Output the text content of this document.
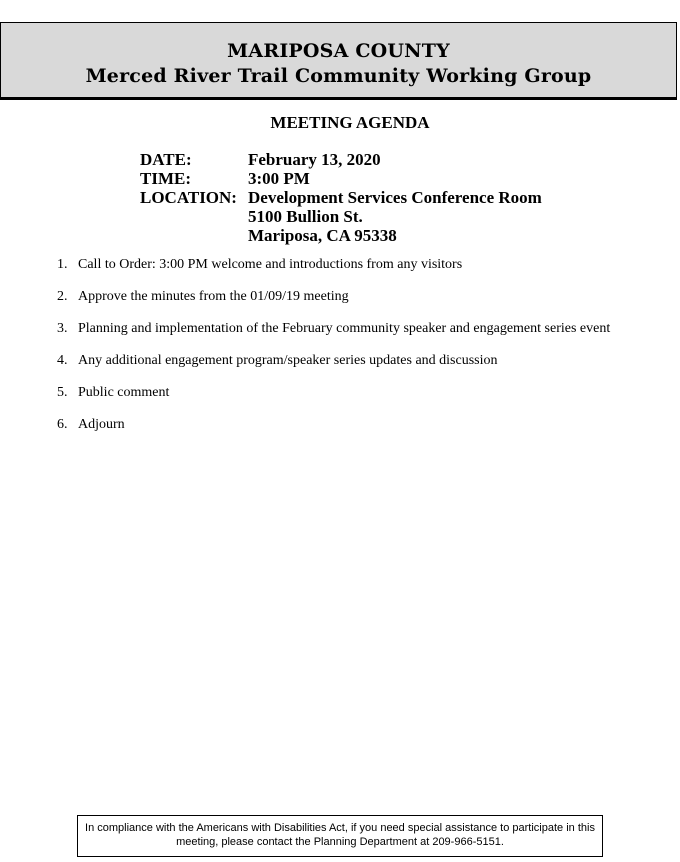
MARIPOSA COUNTY
Merced River Trail Community Working Group
MEETING AGENDA
DATE:	February 13, 2020
TIME:	3:00 PM
LOCATION: Development Services Conference Room
5100 Bullion St.
Mariposa, CA 95338
1. Call to Order: 3:00 PM welcome and introductions from any visitors
2. Approve the minutes from the 01/09/19 meeting
3. Planning and implementation of the February community speaker and engagement series event
4. Any additional engagement program/speaker series updates and discussion
5. Public comment
6. Adjourn
In compliance with the Americans with Disabilities Act, if you need special assistance to participate in this
meeting, please contact the Planning Department at 209-966-5151.
